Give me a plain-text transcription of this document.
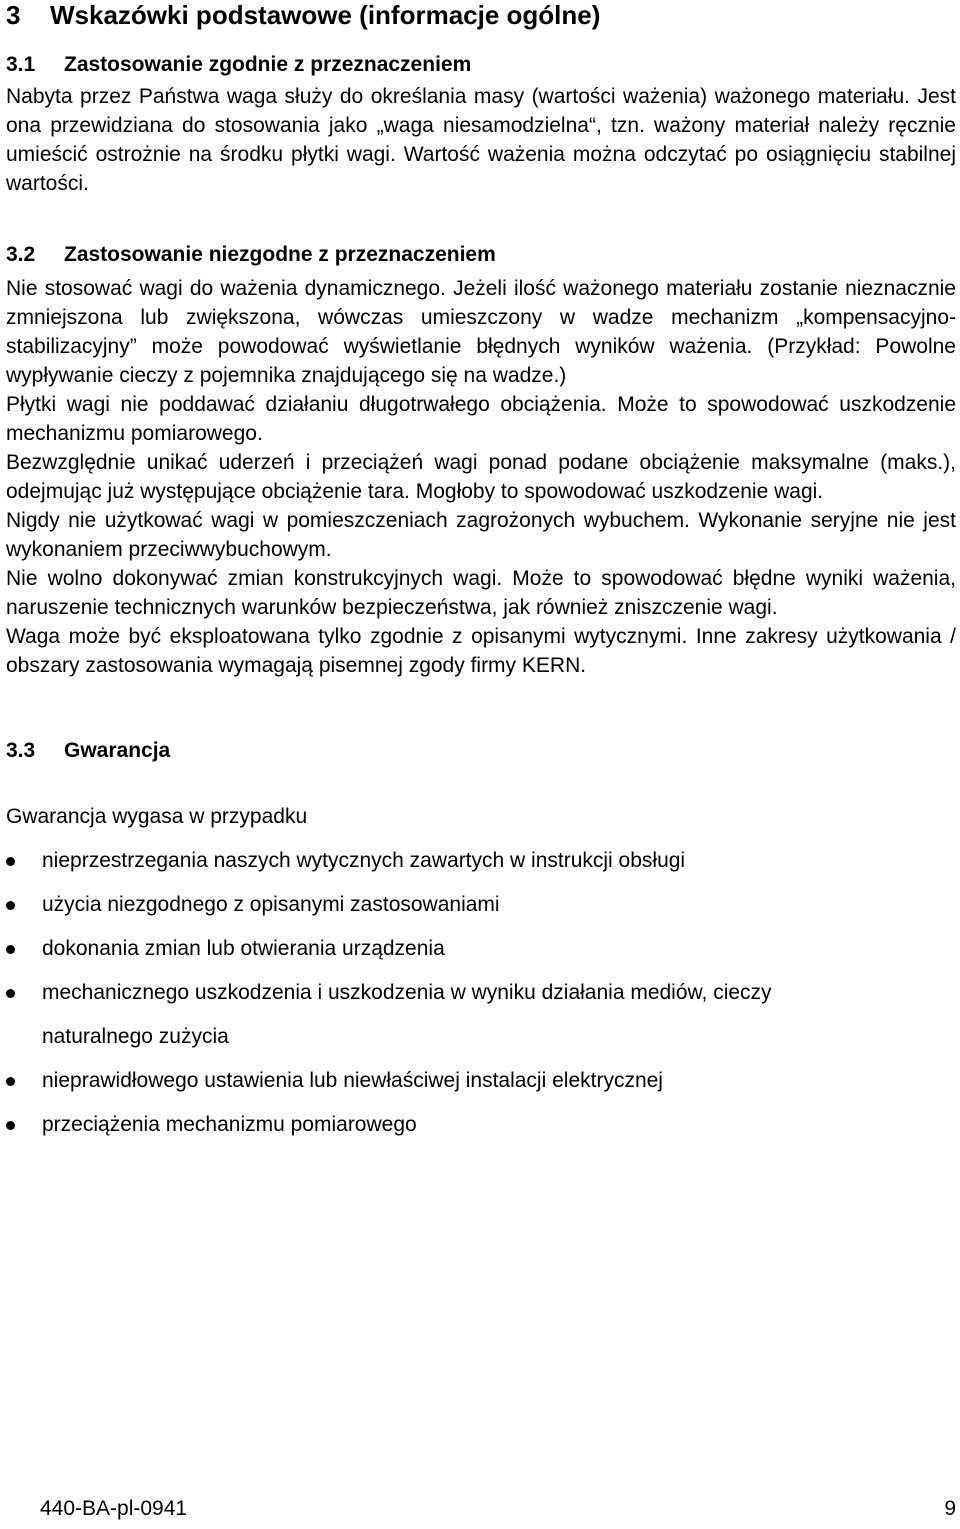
3 Wskazówki podstawowe (informacje ogólne)
3.1 Zastosowanie zgodnie z przeznaczeniem

Nabyta przez Państwa waga służy do określania masy (wartości ważenia) ważonego materiału. Jest ona przewidziana do stosowania jako „waga niesamodzielna“, tzn. ważony materiał należy ręcznie umieścić ostrożnie na środku płytki wagi. Wartość ważenia można odczytać po osiągnięciu stabilnej wartości.

3.2 Zastosowanie niezgodne z przeznaczeniem

Nie stosować wagi do ważenia dynamicznego. Jeżeli ilość ważonego materiału zostanie nieznacznie zmniejszona lub zwiększona, wówczas umieszczony w wadze mechanizm „kompensacyjno-stabilizacyjny” może powodować wyświetlanie błędnych wyników ważenia. (Przykład: Powolne wypływanie cieczy z pojemnika znajdującego się na wadze.)

Płytki wagi nie poddawać działaniu długotrwałego obciążenia. Może to spowodować uszkodzenie mechanizmu pomiarowego.

Bezwzględnie unikać uderzeń i przeciążeń wagi ponad podane obciążenie maksymalne (maks.), odejmując już występujące obciążenie tara. Mogłoby to spowodować uszkodzenie wagi.

Nigdy nie użytkować wagi w pomieszczeniach zagrożonych wybuchem. Wykonanie seryjne nie jest wykonaniem przeciwwybuchowym.

Nie wolno dokonywać zmian konstrukcyjnych wagi. Może to spowodować błędne wyniki ważenia, naruszenie technicznych warunków bezpieczeństwa, jak również zniszczenie wagi.

Waga może być eksploatowana tylko zgodnie z opisanymi wytycznymi. Inne zakresy użytkowania / obszary zastosowania wymagają pisemnej zgody firmy KERN.

3.3 Gwarancja

Gwarancja wygasa w przypadku

nieprzestrzegania naszych wytycznych zawartych w instrukcji obsługi
użycia niezgodnego z opisanymi zastosowaniami
dokonania zmian lub otwierania urządzenia
mechanicznego uszkodzenia i uszkodzenia w wyniku działania mediów, cieczy
naturalnego zużycia
nieprawidłowego ustawienia lub niewłaściwej instalacji elektrycznej
przeciążenia mechanizmu pomiarowego
440-BA-pl-0941	9
